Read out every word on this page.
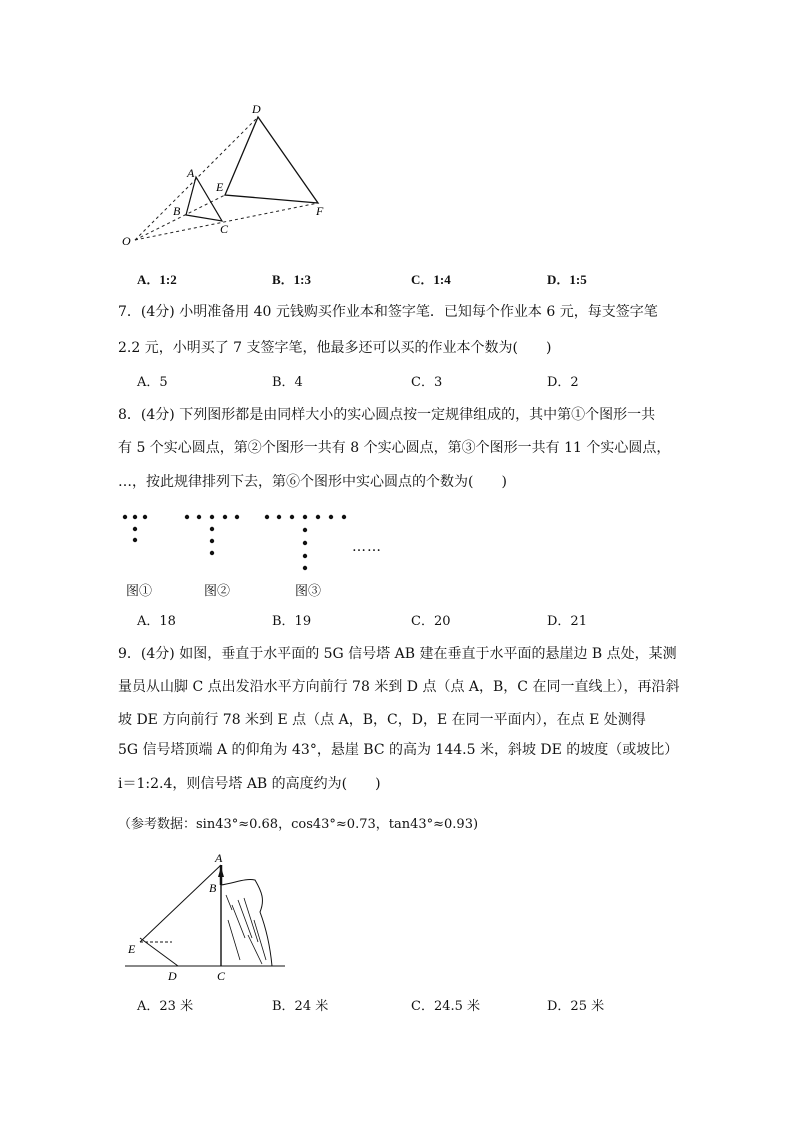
D
A
E
B
C
F
O
A．1:2	B．1:3	C．1:4	D．1:5
7．(4分) 小明准备用 40 元钱购买作业本和签字笔．已知每个作业本 6 元，每支签字笔
2.2 元，小明买了 7 支签字笔，他最多还可以买的作业本个数为(　　)
A．5	B．4	C．3	D．2
8．(4分) 下列图形都是由同样大小的实心圆点按一定规律组成的，其中第①个图形一共
有 5 个实心圆点，第②个图形一共有 8 个实心圆点，第③个图形一共有 11 个实心圆点，
…，按此规律排列下去，第⑥个图形中实心圆点的个数为(　　)
……
图①	图②	图③
A．18	B．19	C．20	D．21
9．(4分) 如图，垂直于水平面的 5G 信号塔 AB 建在垂直于水平面的悬崖边 B 点处，某测
量员从山脚 C 点出发沿水平方向前行 78 米到 D 点（点 A，B，C 在同一直线上），再沿斜
坡 DE 方向前行 78 米到 E 点（点 A，B，C，D，E 在同一平面内），在点 E 处测得
5G 信号塔顶端 A 的仰角为 43°，悬崖 BC 的高为 144.5 米，斜坡 DE 的坡度（或坡比）
i＝1:2.4，则信号塔 AB 的高度约为(　　)
（参考数据：sin43°≈0.68，cos43°≈0.73，tan43°≈0.93)
A
B
E
D	C
A．23 米	B．24 米	C．24.5 米	D．25 米
